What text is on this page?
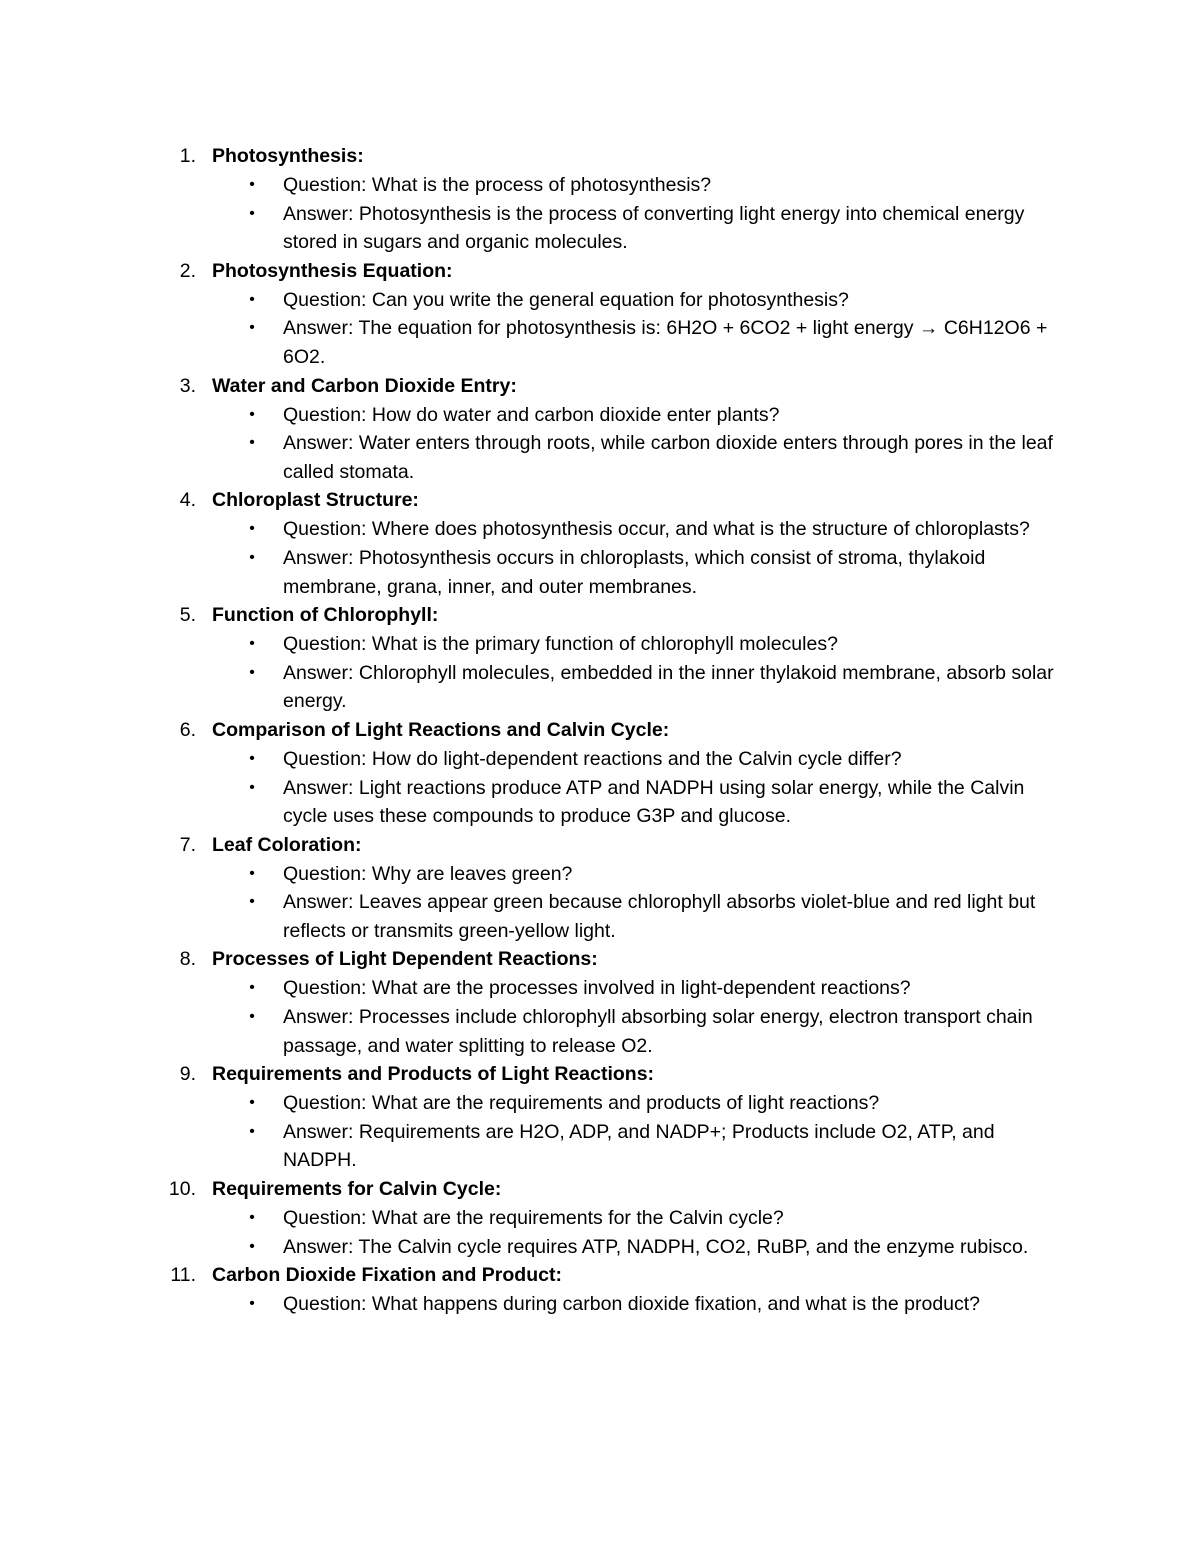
1. Photosynthesis:
• Question: What is the process of photosynthesis?
• Answer: Photosynthesis is the process of converting light energy into chemical energy stored in sugars and organic molecules.
2. Photosynthesis Equation:
• Question: Can you write the general equation for photosynthesis?
• Answer: The equation for photosynthesis is: 6H2O + 6CO2 + light energy → C6H12O6 + 6O2.
3. Water and Carbon Dioxide Entry:
• Question: How do water and carbon dioxide enter plants?
• Answer: Water enters through roots, while carbon dioxide enters through pores in the leaf called stomata.
4. Chloroplast Structure:
• Question: Where does photosynthesis occur, and what is the structure of chloroplasts?
• Answer: Photosynthesis occurs in chloroplasts, which consist of stroma, thylakoid membrane, grana, inner, and outer membranes.
5. Function of Chlorophyll:
• Question: What is the primary function of chlorophyll molecules?
• Answer: Chlorophyll molecules, embedded in the inner thylakoid membrane, absorb solar energy.
6. Comparison of Light Reactions and Calvin Cycle:
• Question: How do light-dependent reactions and the Calvin cycle differ?
• Answer: Light reactions produce ATP and NADPH using solar energy, while the Calvin cycle uses these compounds to produce G3P and glucose.
7. Leaf Coloration:
• Question: Why are leaves green?
• Answer: Leaves appear green because chlorophyll absorbs violet-blue and red light but reflects or transmits green-yellow light.
8. Processes of Light Dependent Reactions:
• Question: What are the processes involved in light-dependent reactions?
• Answer: Processes include chlorophyll absorbing solar energy, electron transport chain passage, and water splitting to release O2.
9. Requirements and Products of Light Reactions:
• Question: What are the requirements and products of light reactions?
• Answer: Requirements are H2O, ADP, and NADP+; Products include O2, ATP, and NADPH.
10. Requirements for Calvin Cycle:
• Question: What are the requirements for the Calvin cycle?
• Answer: The Calvin cycle requires ATP, NADPH, CO2, RuBP, and the enzyme rubisco.
11. Carbon Dioxide Fixation and Product:
• Question: What happens during carbon dioxide fixation, and what is the product?
